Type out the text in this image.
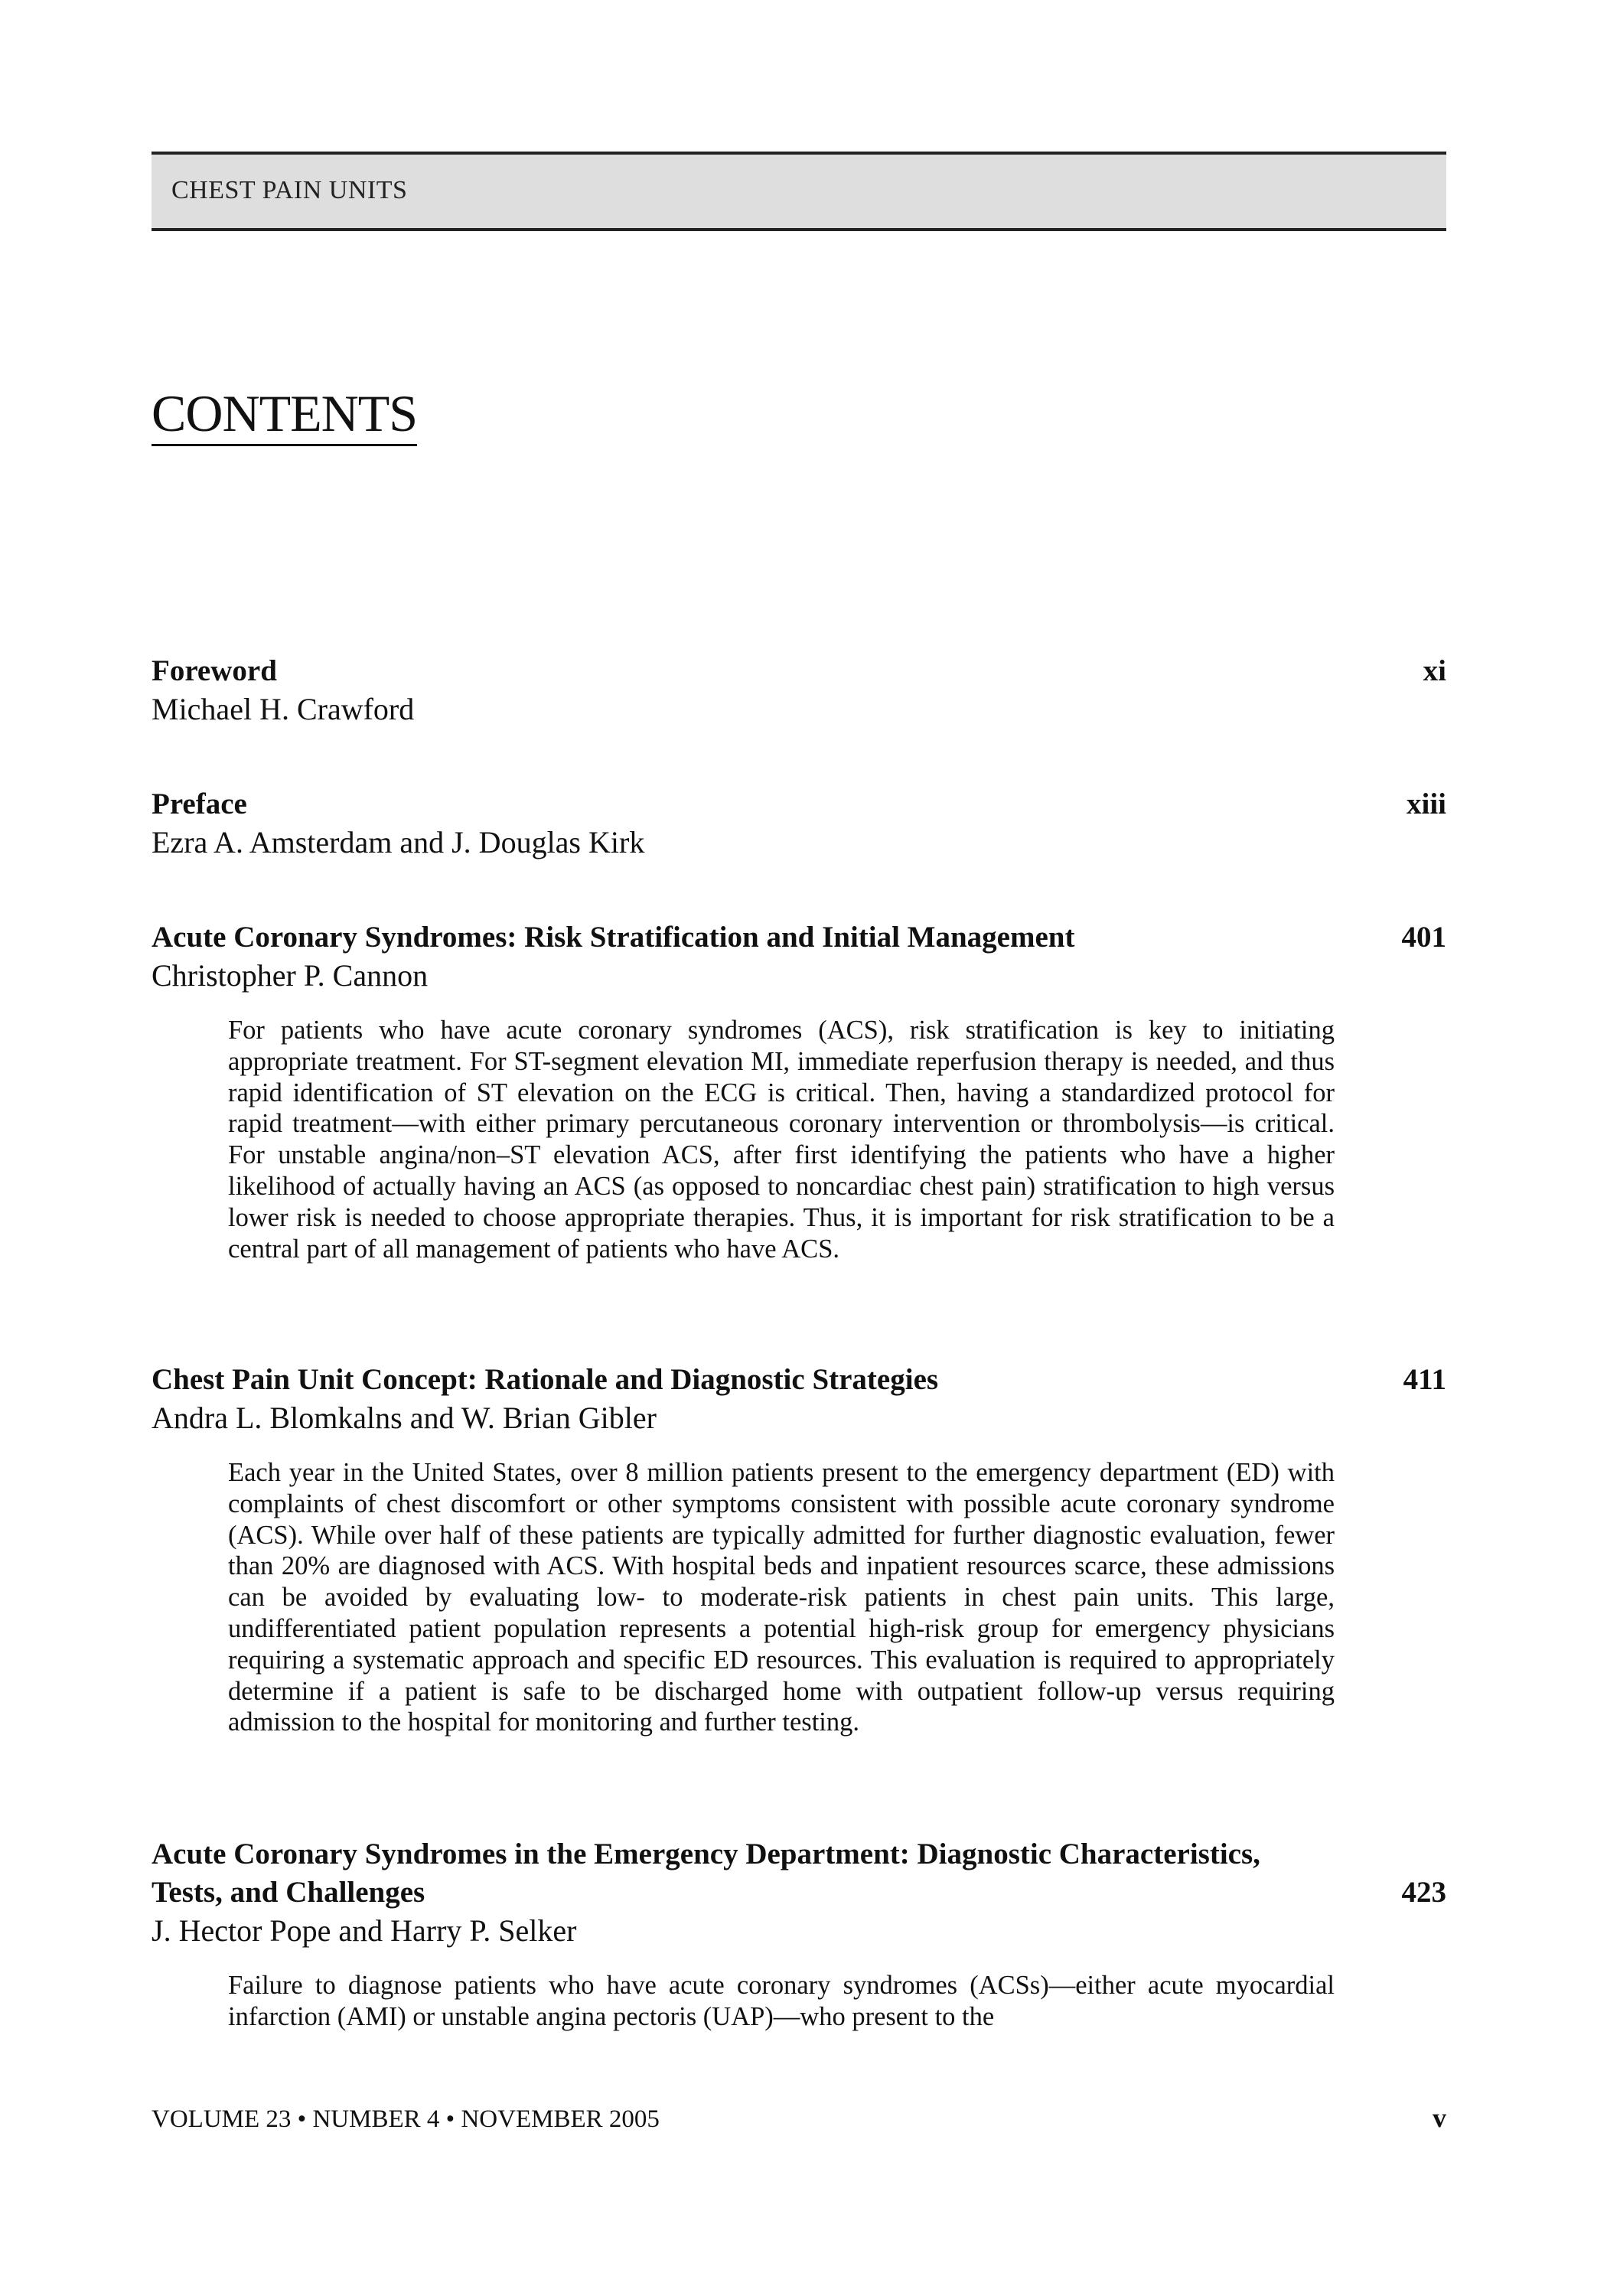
CHEST PAIN UNITS
CONTENTS
Foreword	xi
Michael H. Crawford
Preface	xiii
Ezra A. Amsterdam and J. Douglas Kirk
Acute Coronary Syndromes: Risk Stratification and Initial Management	401
Christopher P. Cannon
For patients who have acute coronary syndromes (ACS), risk stratification is key to initiating appropriate treatment. For ST-segment elevation MI, immediate reperfusion therapy is needed, and thus rapid identification of ST elevation on the ECG is critical. Then, having a standardized protocol for rapid treatment—with either primary percutaneous coronary intervention or thrombolysis—is critical. For unstable angina/non–ST elevation ACS, after first identifying the patients who have a higher likelihood of actually having an ACS (as opposed to noncardiac chest pain) stratification to high versus lower risk is needed to choose appropriate therapies. Thus, it is important for risk stratification to be a central part of all management of patients who have ACS.
Chest Pain Unit Concept: Rationale and Diagnostic Strategies	411
Andra L. Blomkalns and W. Brian Gibler
Each year in the United States, over 8 million patients present to the emergency department (ED) with complaints of chest discomfort or other symptoms consistent with possible acute coronary syndrome (ACS). While over half of these patients are typically admitted for further diagnostic evaluation, fewer than 20% are diagnosed with ACS. With hospital beds and inpatient resources scarce, these admissions can be avoided by evaluating low- to moderate-risk patients in chest pain units. This large, undifferentiated patient population represents a potential high-risk group for emergency physicians requiring a systematic approach and specific ED resources. This evaluation is required to appropriately determine if a patient is safe to be discharged home with outpatient follow-up versus requiring admission to the hospital for monitoring and further testing.
Acute Coronary Syndromes in the Emergency Department: Diagnostic Characteristics, Tests, and Challenges	423
J. Hector Pope and Harry P. Selker
Failure to diagnose patients who have acute coronary syndromes (ACSs)—either acute myocardial infarction (AMI) or unstable angina pectoris (UAP)—who present to the
VOLUME 23 • NUMBER 4 • NOVEMBER 2005	v
